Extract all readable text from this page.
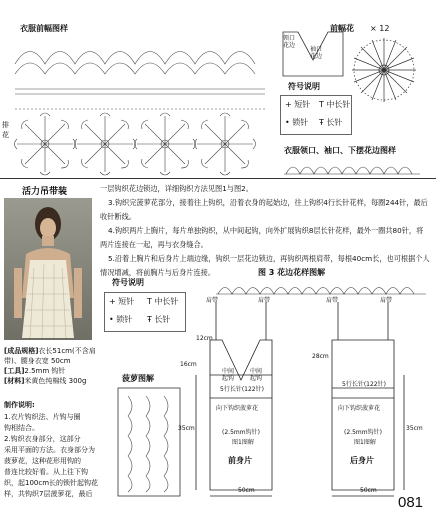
衣服前幅图样
排花
前幅花 × 12
领口
花边
袖口
花边
符号说明
+ 短针 T 中长针
• 锁针 Ŧ 长针
衣服领口、袖口、下摆花边图样
活力吊带装
[成品规格]衣长51cm(不含肩带)、腰身衣宽 50cm
[工具]2.5mm 钩针
[材料]米黄色纯棉线 300g
制作说明:
1.衣片钩织法、片钩与圈
钩相结合。
2.钩织衣身部分，这部分
采用平面的方法。衣身部分为
菠萝花，这种花形用钩的
普连比较好看。从上往下钩
织，起100cm长的锁针起钩花
样，共钩织7层菠萝花，最后
一层钩织花边锁边，详细钩织方法见图1与图2。
3.钩织完菠萝花部分，接着往上钩织，沿着衣身的起始边，往上钩织4行长针花样，每圈244针，最后收针断线。
4.钩织两片上胸片，每片单独钩织，从中间起钩，向外扩展钩织8层长针花样，最外一圈共80针，将两片连接在一起，再与衣身缝合。
5.沿着上胸片和后身片上端边缘，钩织一层花边锁边，再钩织两根肩带，每根40cm长，也可根据个人情况增减，将前胸片与后身片连接。
符号说明
+ 短针 T 中长针
• 锁针 Ŧ 长针
图 3 花边花样图解
菠萝图解
肩带	肩带	肩带	肩带
12cm
16cm
28cm
35cm	35cm
中间
起钩
中间
起钩
5行长针(122针)
5行长针(122针)
向下钩织菠萝花	向下钩织菠萝花
(2.5mm钩针)	(2.5mm钩针)
图1图解	图1图解
前身片	后身片
50cm	50cm
081
